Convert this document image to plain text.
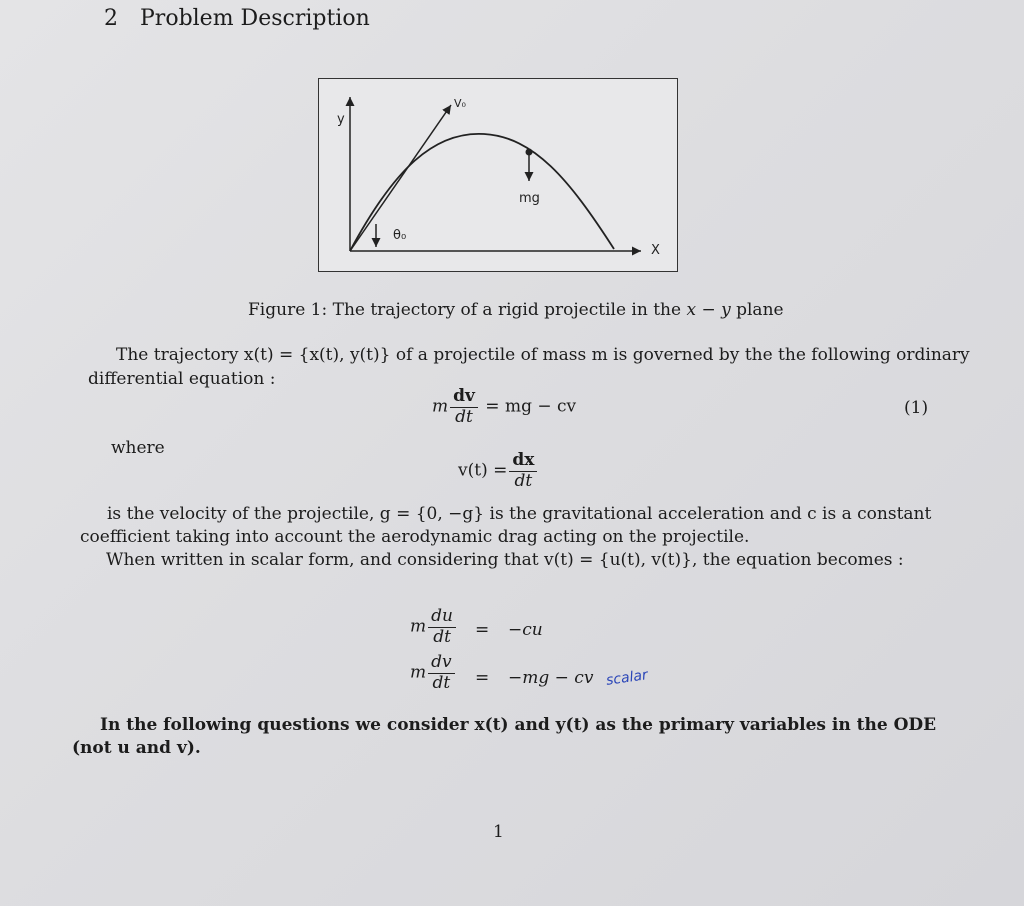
2 Problem Description
y
X
V₀
mg
θ₀
Figure 1: The trajectory of a rigid projectile in the x − y plane
The trajectory x(t) = {x(t), y(t)} of a projectile of mass m is governed by the the following ordinary
differential equation :
m $\frac{dv}{dt}$ = mg − cv	(1)
where
$v(t) = \frac{dx}{dt}$
is the velocity of the projectile, g = {0, −g} is the gravitational acceleration and c is a constant
coefficient taking into account the aerodynamic drag acting on the projectile.
When written in scalar form, and considering that v(t) = {u(t), v(t)}, the equation becomes :
m $\frac{du}{dt} = -cu$
m $\frac{dv}{dt} = -mg$ − cv scalar
In the following questions we consider x(t) and y(t) as the primary variables in the ODE
(not u and v).
1
